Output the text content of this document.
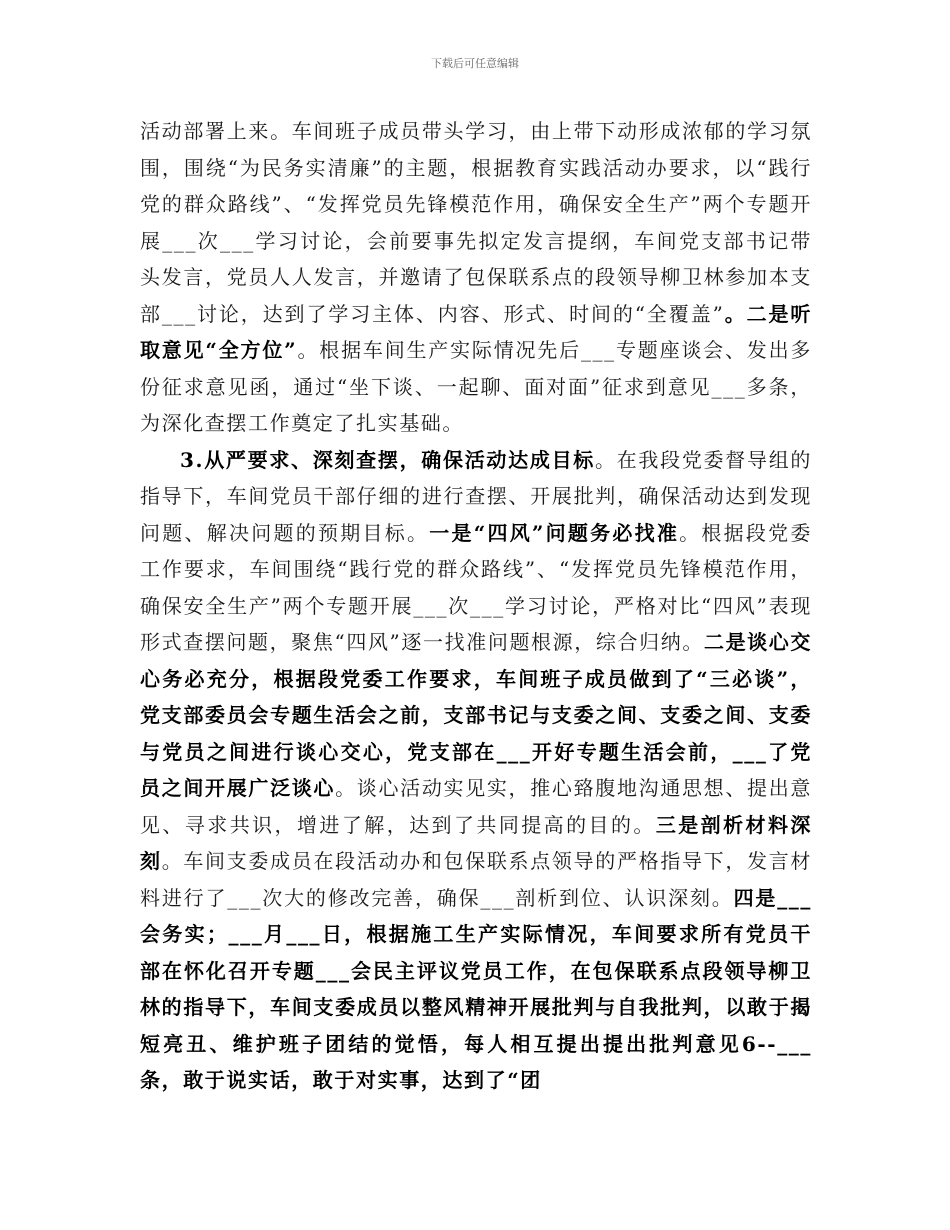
下载后可任意编辑

活动部署上来。车间班子成员带头学习，由上带下动形成浓郁的学习氛围，围绕“为民务实清廉”的主题，根据教育实践活动办要求，以“践行党的群众路线”、“发挥党员先锋模范作用，确保安全生产”两个专题开展___次___学习讨论，会前要事先拟定发言提纲，车间党支部书记带头发言，党员人人发言，并邀请了包保联系点的段领导柳卫林参加本支部___讨论，达到了学习主体、内容、形式、时间的“全覆盖”。二是听取意见“全方位”。根据车间生产实际情况先后___专题座谈会、发出多份征求意见函，通过“坐下谈、一起聊、面对面”征求到意见___多条，为深化查摆工作奠定了扎实基础。

3.从严要求、深刻查摆，确保活动达成目标。在我段党委督导组的指导下，车间党员干部仔细的进行查摆、开展批判，确保活动达到发现问题、解决问题的预期目标。一是“四风”问题务必找准。根据段党委工作要求，车间围绕“践行党的群众路线”、“发挥党员先锋模范作用，确保安全生产”两个专题开展___次___学习讨论，严格对比“四风”表现形式查摆问题，聚焦“四风”逐一找准问题根源，综合归纳。二是谈心交心务必充分，根据段党委工作要求，车间班子成员做到了“三必谈”，党支部委员会专题生活会之前，支部书记与支委之间、支委之间、支委与党员之间进行谈心交心，党支部在___开好专题生活会前，___了党员之间开展广泛谈心。谈心活动实见实，推心臵腹地沟通思想、提出意见、寻求共识，增进了解，达到了共同提高的目的。三是剖析材料深刻。车间支委成员在段活动办和包保联系点领导的严格指导下，发言材料进行了___次大的修改完善，确保___剖析到位、认识深刻。四是___会务实；___月___日，根据施工生产实际情况，车间要求所有党员干部在怀化召开专题___会民主评议党员工作，在包保联系点段领导柳卫林的指导下，车间支委成员以整风精神开展批判与自我批判，以敢于揭短亮丑、维护班子团结的觉悟，每人相互提出提出批判意见6--___条，敢于说实话，敢于对实事，达到了“团
